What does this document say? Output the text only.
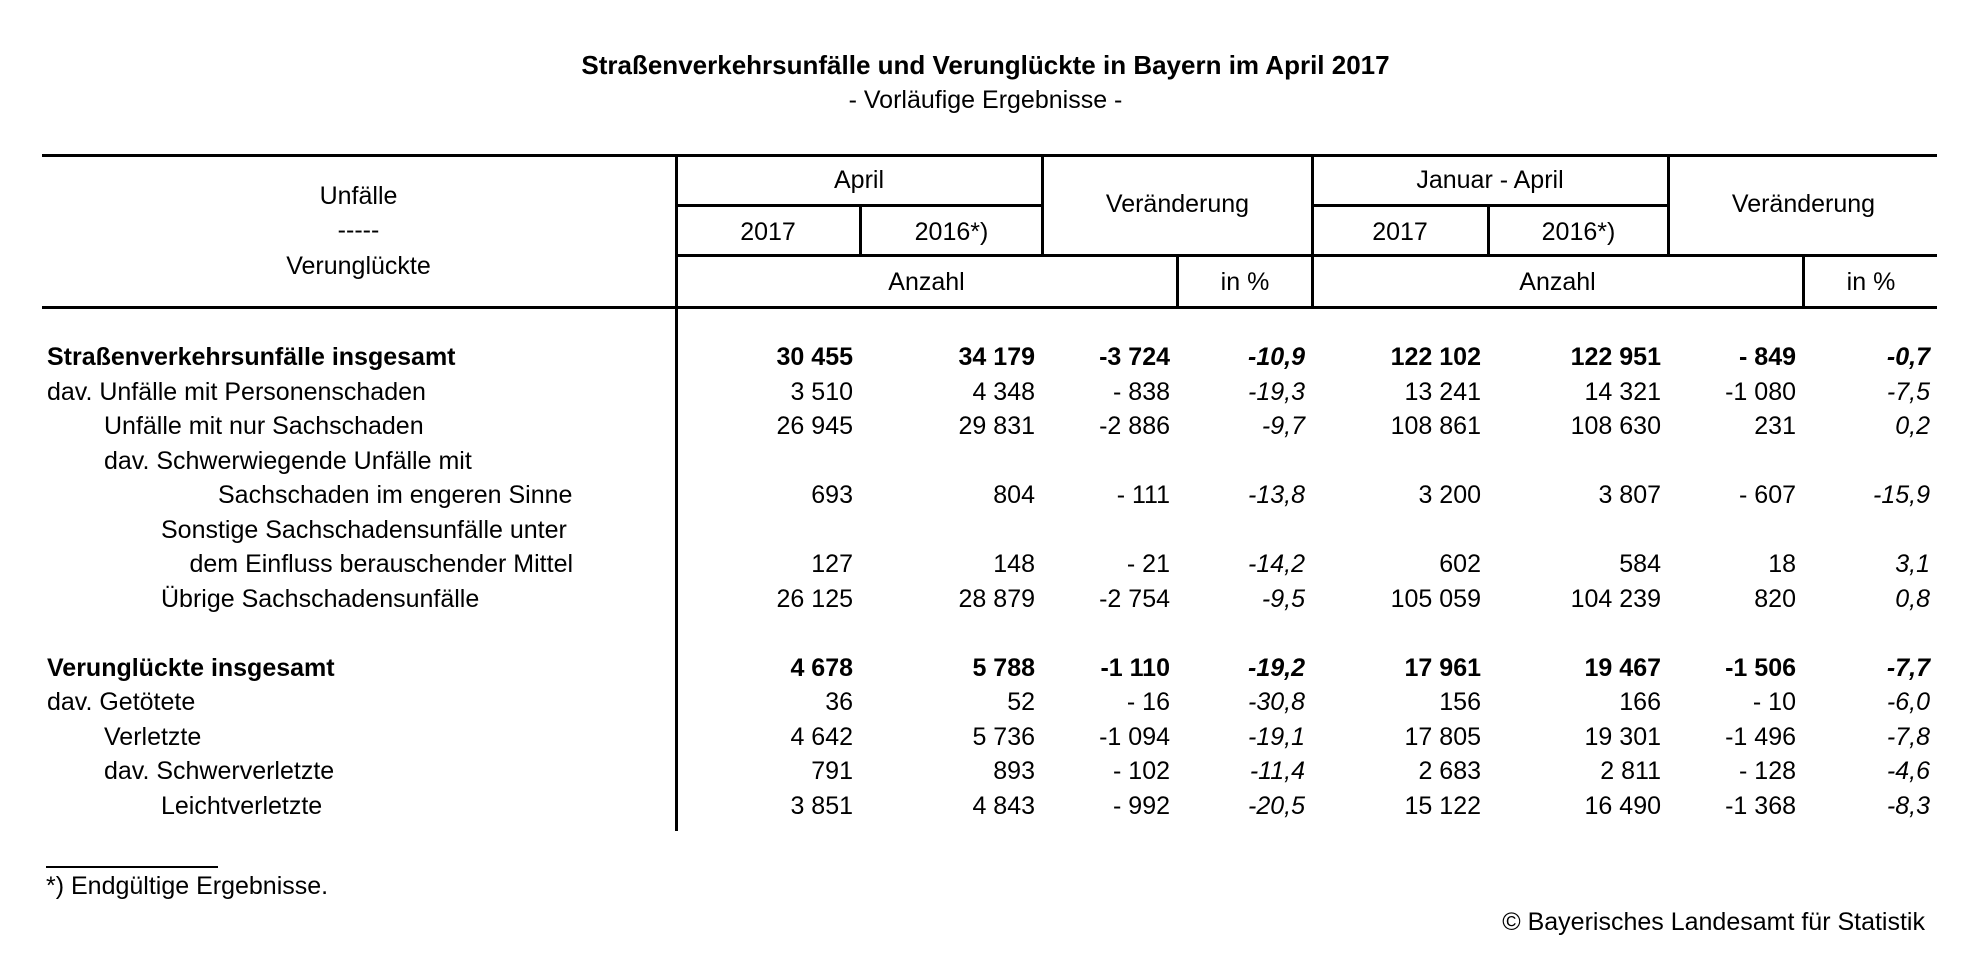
Straßenverkehrsunfälle und Verunglückte in Bayern im April 2017
- Vorläufige Ergebnisse -
Unfälle
-----
Verunglückte
April
2017	2016*)
Veränderung
Anzahl	in %
Januar - April
2017	2016*)
Veränderung
Anzahl	in %
Straßenverkehrsunfälle insgesamt	30 455	34 179	-3 724	-10,9	122 102	122 951	- 849	-0,7
dav. Unfälle mit Personenschaden	3 510	4 348	- 838	-19,3	13 241	14 321	-1 080	-7,5
Unfälle mit nur Sachschaden	26 945	29 831	-2 886	-9,7	108 861	108 630	231	0,2
dav. Schwerwiegende Unfälle mit
Sachschaden im engeren Sinne	693	804	- 111	-13,8	3 200	3 807	- 607	-15,9
Sonstige Sachschadensunfälle unter
dem Einfluss berauschender Mittel	127	148	- 21	-14,2	602	584	18	3,1
Übrige Sachschadensunfälle	26 125	28 879	-2 754	-9,5	105 059	104 239	820	0,8
Verunglückte insgesamt	4 678	5 788	-1 110	-19,2	17 961	19 467	-1 506	-7,7
dav. Getötete	36	52	- 16	-30,8	156	166	- 10	-6,0
Verletzte	4 642	5 736	-1 094	-19,1	17 805	19 301	-1 496	-7,8
dav. Schwerverletzte	791	893	- 102	-11,4	2 683	2 811	- 128	-4,6
Leichtverletzte	3 851	4 843	- 992	-20,5	15 122	16 490	-1 368	-8,3
*) Endgültige Ergebnisse.
© Bayerisches Landesamt für Statistik
